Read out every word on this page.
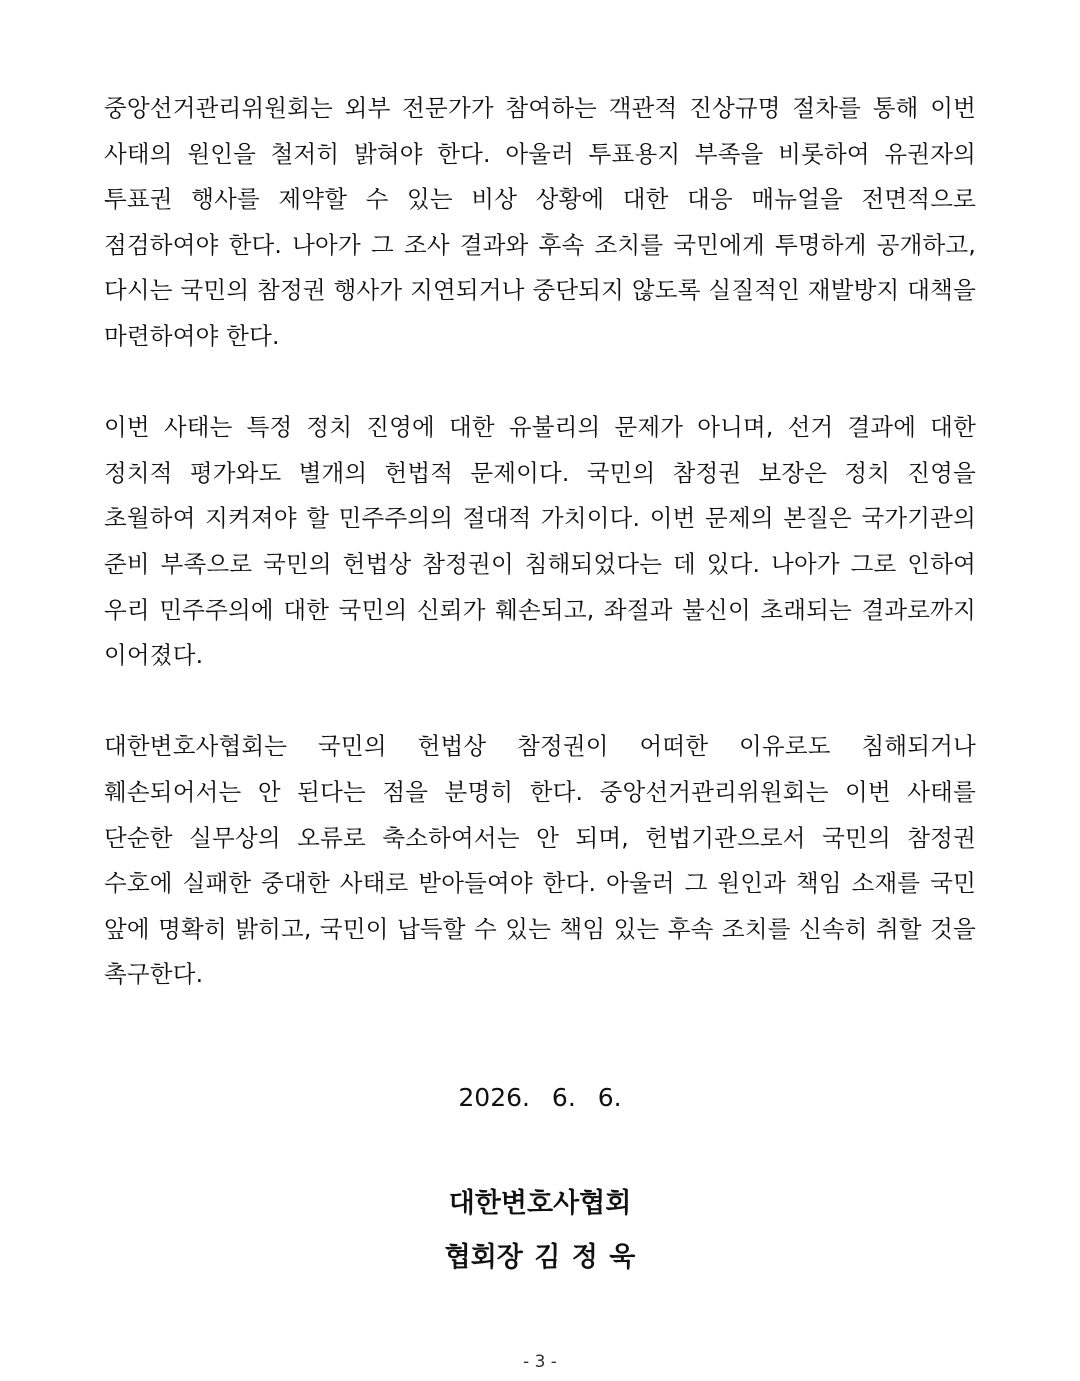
중앙선거관리위원회는 외부 전문가가 참여하는 객관적 진상규명 절차를 통해 이번 사태의 원인을 철저히 밝혀야 한다. 아울러 투표용지 부족을 비롯하여 유권자의 투표권 행사를 제약할 수 있는 비상 상황에 대한 대응 매뉴얼을 전면적으로 점검하여야 한다. 나아가 그 조사 결과와 후속 조치를 국민에게 투명하게 공개하고, 다시는 국민의 참정권 행사가 지연되거나 중단되지 않도록 실질적인 재발방지 대책을 마련하여야 한다.

이번 사태는 특정 정치 진영에 대한 유불리의 문제가 아니며, 선거 결과에 대한 정치적 평가와도 별개의 헌법적 문제이다. 국민의 참정권 보장은 정치 진영을 초월하여 지켜져야 할 민주주의의 절대적 가치이다. 이번 문제의 본질은 국가기관의 준비 부족으로 국민의 헌법상 참정권이 침해되었다는 데 있다. 나아가 그로 인하여 우리 민주주의에 대한 국민의 신뢰가 훼손되고, 좌절과 불신이 초래되는 결과로까지 이어졌다.

대한변호사협회는 국민의 헌법상 참정권이 어떠한 이유로도 침해되거나 훼손되어서는 안 된다는 점을 분명히 한다. 중앙선거관리위원회는 이번 사태를 단순한 실무상의 오류로 축소하여서는 안 되며, 헌법기관으로서 국민의 참정권 수호에 실패한 중대한 사태로 받아들여야 한다. 아울러 그 원인과 책임 소재를 국민 앞에 명확히 밝히고, 국민이 납득할 수 있는 책임 있는 후속 조치를 신속히 취할 것을 촉구한다.

2026. 6. 6.
대한변호사협회
협회장 김 정 욱
- 3 -
